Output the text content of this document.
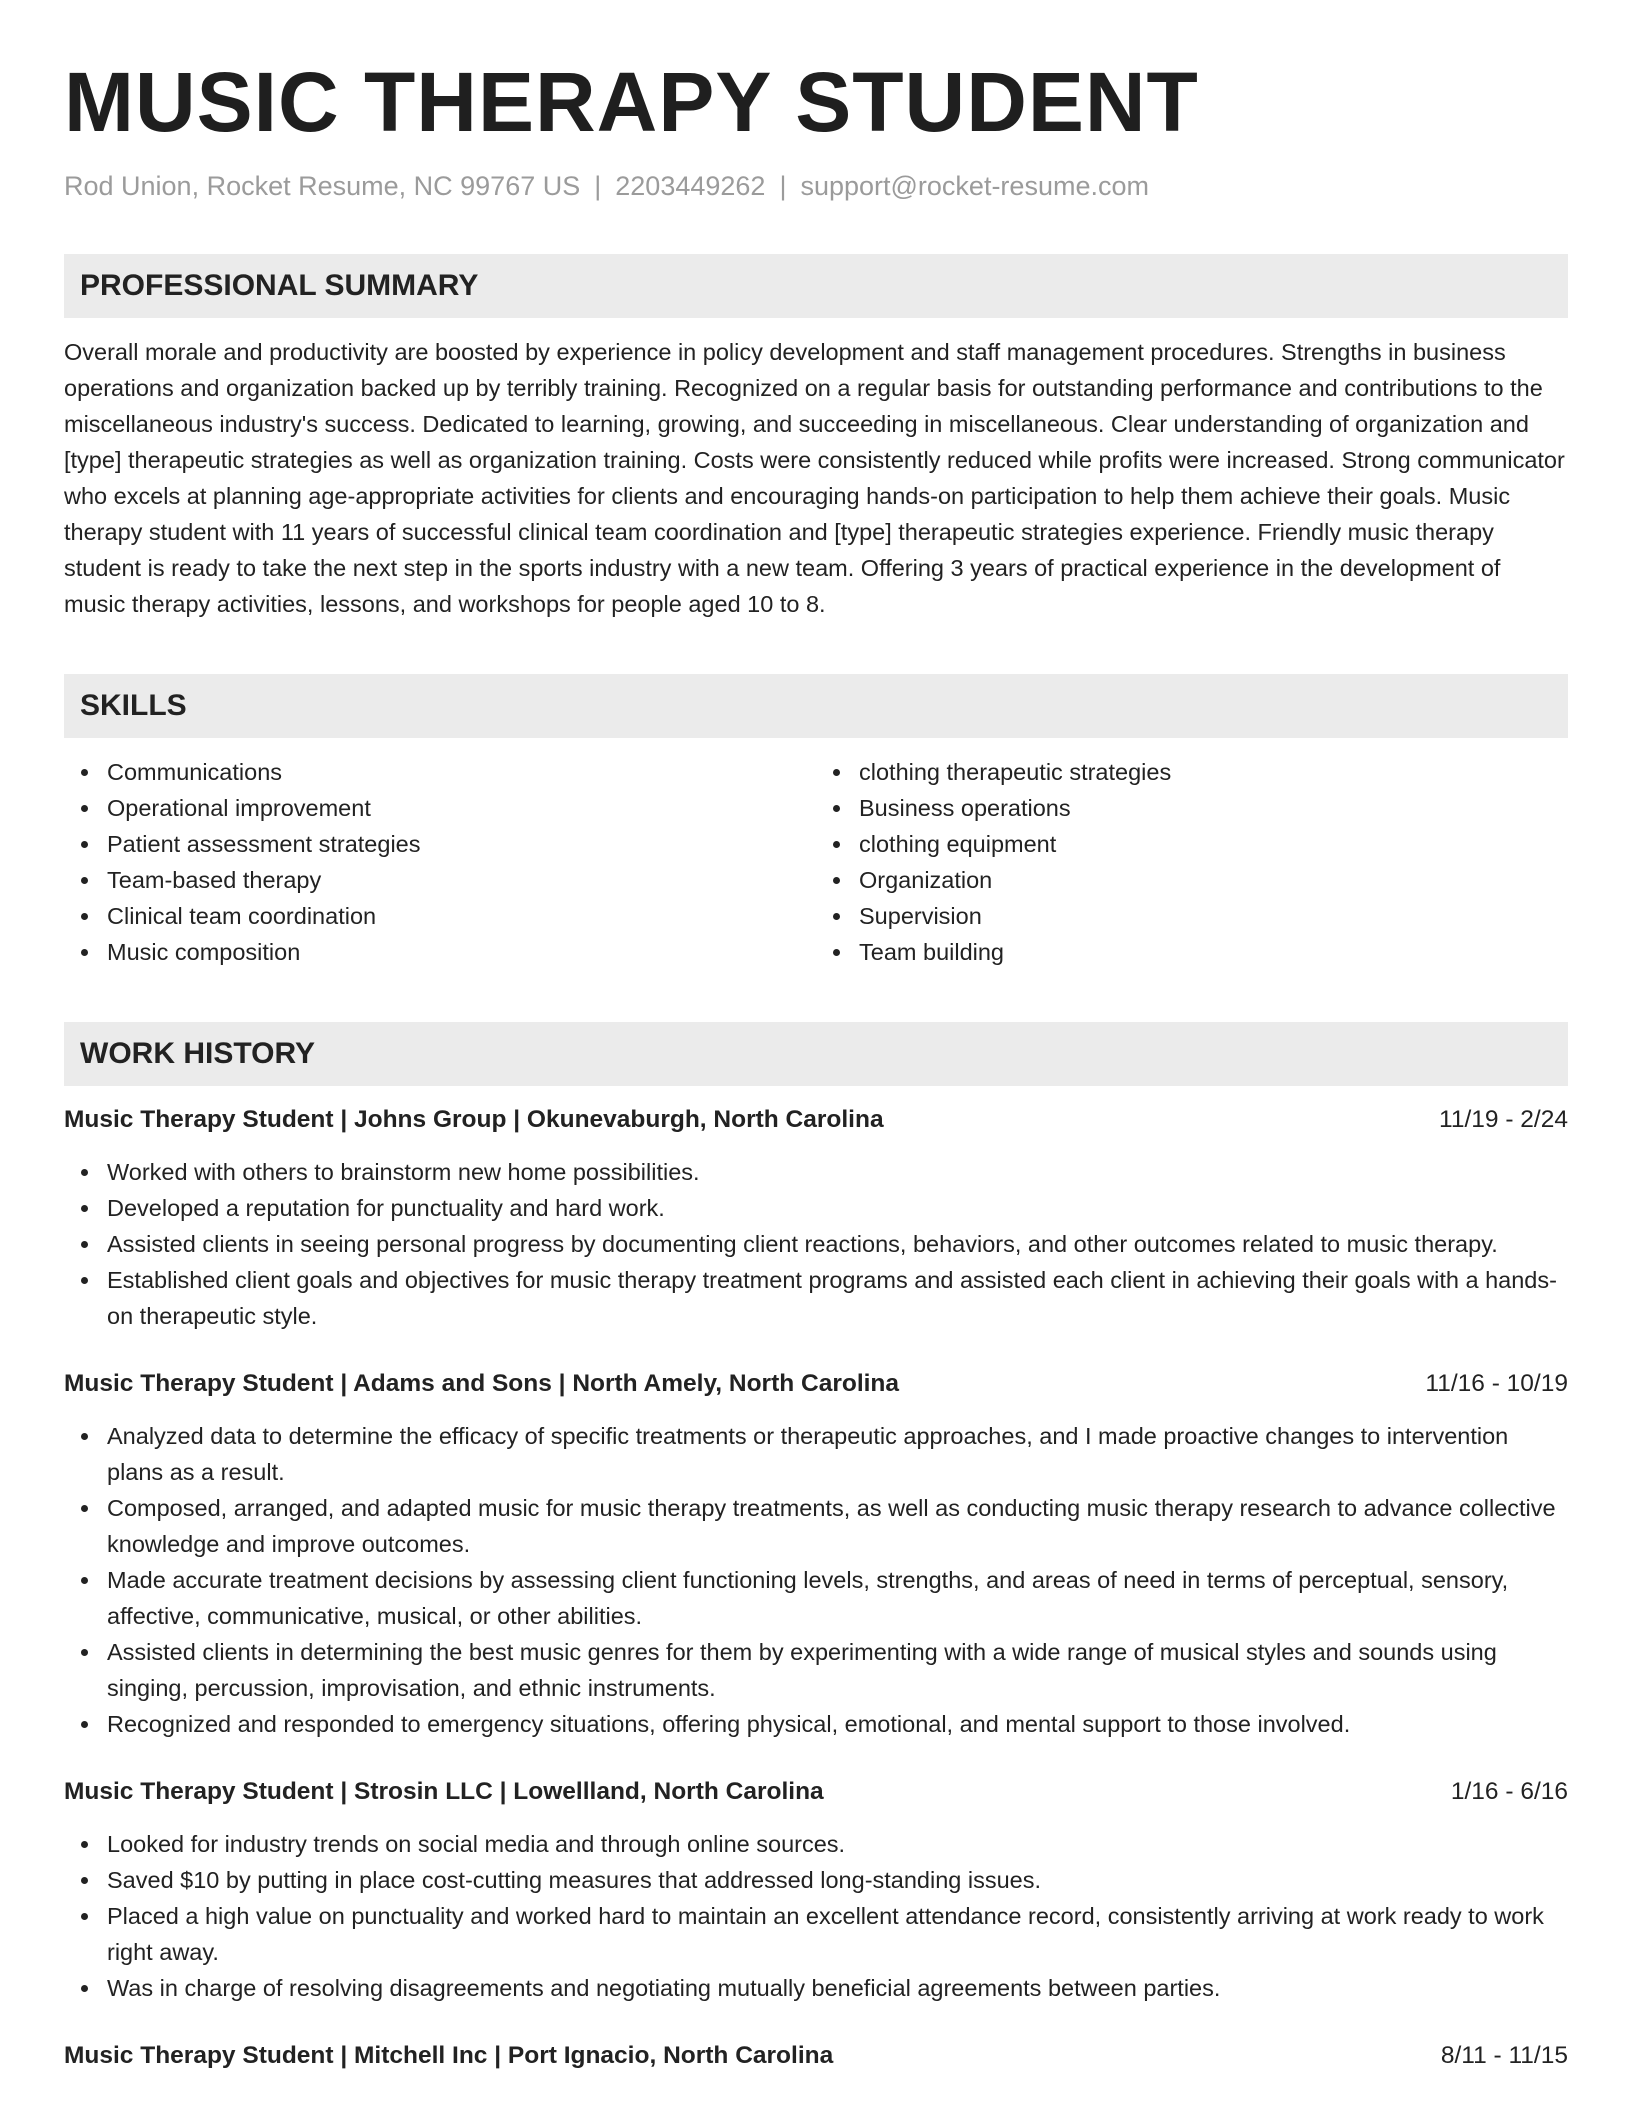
MUSIC THERAPY STUDENT
Rod Union, Rocket Resume, NC 99767 US | 2203449262 | support@rocket-resume.com
PROFESSIONAL SUMMARY
Overall morale and productivity are boosted by experience in policy development and staff management procedures. Strengths in business operations and organization backed up by terribly training. Recognized on a regular basis for outstanding performance and contributions to the miscellaneous industry's success. Dedicated to learning, growing, and succeeding in miscellaneous. Clear understanding of organization and [type] therapeutic strategies as well as organization training. Costs were consistently reduced while profits were increased. Strong communicator who excels at planning age-appropriate activities for clients and encouraging hands-on participation to help them achieve their goals. Music therapy student with 11 years of successful clinical team coordination and [type] therapeutic strategies experience. Friendly music therapy student is ready to take the next step in the sports industry with a new team. Offering 3 years of practical experience in the development of music therapy activities, lessons, and workshops for people aged 10 to 8.
SKILLS
Communications
Operational improvement
Patient assessment strategies
Team-based therapy
Clinical team coordination
Music composition
clothing therapeutic strategies
Business operations
clothing equipment
Organization
Supervision
Team building
WORK HISTORY
Music Therapy Student | Johns Group | Okunevaburgh, North Carolina	11/19 - 2/24
Worked with others to brainstorm new home possibilities.
Developed a reputation for punctuality and hard work.
Assisted clients in seeing personal progress by documenting client reactions, behaviors, and other outcomes related to music therapy.
Established client goals and objectives for music therapy treatment programs and assisted each client in achieving their goals with a hands-on therapeutic style.
Music Therapy Student | Adams and Sons | North Amely, North Carolina	11/16 - 10/19
Analyzed data to determine the efficacy of specific treatments or therapeutic approaches, and I made proactive changes to intervention plans as a result.
Composed, arranged, and adapted music for music therapy treatments, as well as conducting music therapy research to advance collective knowledge and improve outcomes.
Made accurate treatment decisions by assessing client functioning levels, strengths, and areas of need in terms of perceptual, sensory, affective, communicative, musical, or other abilities.
Assisted clients in determining the best music genres for them by experimenting with a wide range of musical styles and sounds using singing, percussion, improvisation, and ethnic instruments.
Recognized and responded to emergency situations, offering physical, emotional, and mental support to those involved.
Music Therapy Student | Strosin LLC | Lowellland, North Carolina	1/16 - 6/16
Looked for industry trends on social media and through online sources.
Saved $10 by putting in place cost-cutting measures that addressed long-standing issues.
Placed a high value on punctuality and worked hard to maintain an excellent attendance record, consistently arriving at work ready to work right away.
Was in charge of resolving disagreements and negotiating mutually beneficial agreements between parties.
Music Therapy Student | Mitchell Inc | Port Ignacio, North Carolina	8/11 - 11/15
